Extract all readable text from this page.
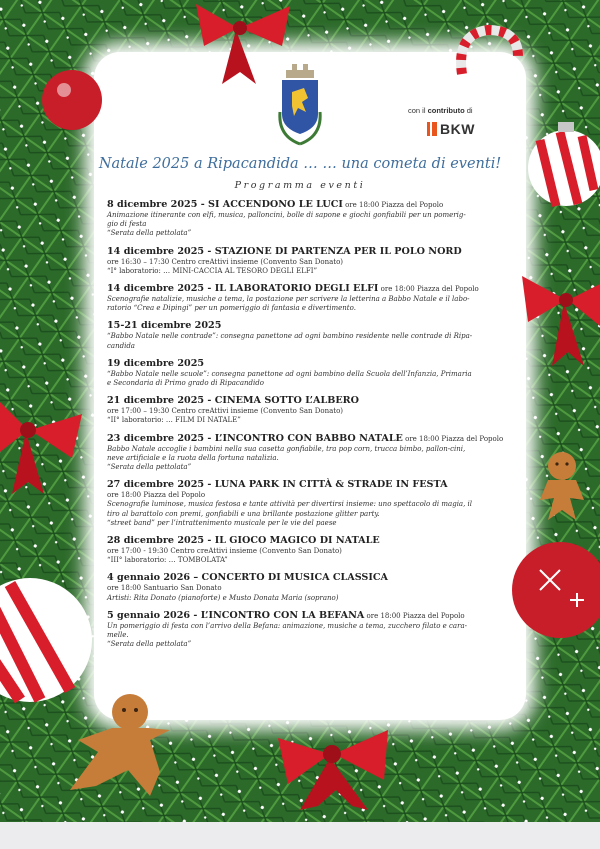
con il contributo di
BKW
Natale 2025 a Ripacandida … … una cometa di eventi!
Programma eventi
8 dicembre 2025 - SI ACCENDONO LE LUCI ore 18:00 Piazza del Popolo
Animazione itinerante con elfi, musica, palloncini, bolle di sapone e giochi gonfiabili per un pomerig-
gio di festa
“Serata della pettolata”
14 dicembre 2025 - STAZIONE DI PARTENZA PER IL POLO NORD
ore 16:30 – 17:30 Centro creAttivi insieme (Convento San Donato)
“I° laboratorio: … MINI-CACCIA AL TESORO DEGLI ELFI”
14 dicembre 2025 - IL LABORATORIO DEGLI ELFI ore 18:00 Piazza del Popolo
Scenografie natalizie, musiche a tema, la postazione per scrivere la letterina a Babbo Natale e il labo-
ratorio “Crea e Dipingi” per un pomeriggio di fantasia e divertimento.
15-21 dicembre 2025
“Babbo Natale nelle contrade”: consegna panettone ad ogni bambino residente nelle contrade di Ripa-
candida
19 dicembre 2025
“Babbo Natale nelle scuole”: consegna panettone ad ogni bambino della Scuola dell’Infanzia, Primaria
e Secondaria di Primo grado di Ripacandido
21 dicembre 2025 - CINEMA SOTTO L’ALBERO
ore 17:00 – 19:30 Centro creAttivi insieme (Convento San Donato)
“II° laboratorio: … FILM DI NATALE”
23 dicembre 2025 - L’INCONTRO CON BABBO NATALE ore 18:00 Piazza del Popolo
Babbo Natale accoglie i bambini nella sua casetta gonfiabile, tra pop corn, trucca bimbo, pallon-cini,
neve artificiale e la ruota della fortuna natalizia.
“Serata della pettolata”
27 dicembre 2025 - LUNA PARK IN CITTÀ & STRADE IN FESTA
ore 18:00 Piazza del Popolo
Scenografie luminose, musica festosa e tante attività per divertirsi insieme: uno spettacolo di magia, il
tiro al barattolo con premi, gonfiabili e una brillante postazione glitter party.
“street band” per l’intrattenimento musicale per le vie del paese
28 dicembre 2025 - IL GIOCO MAGICO DI NATALE
ore 17:00 - 19:30 Centro creAttivi insieme (Convento San Donato)
“III° laboratorio: … TOMBOLATA”
4 gennaio 2026 – CONCERTO DI MUSICA CLASSICA
ore 18:00 Santuario San Donato
Artisti: Rita Donato (pianoforte) e Musto Donata Maria (soprano)
5 gennaio 2026 - L’INCONTRO CON LA BEFANA ore 18:00 Piazza del Popolo
Un pomeriggio di festa con l’arrivo della Befana: animazione, musiche a tema, zucchero filato e cara-
melle.
“Serata della pettolata”
